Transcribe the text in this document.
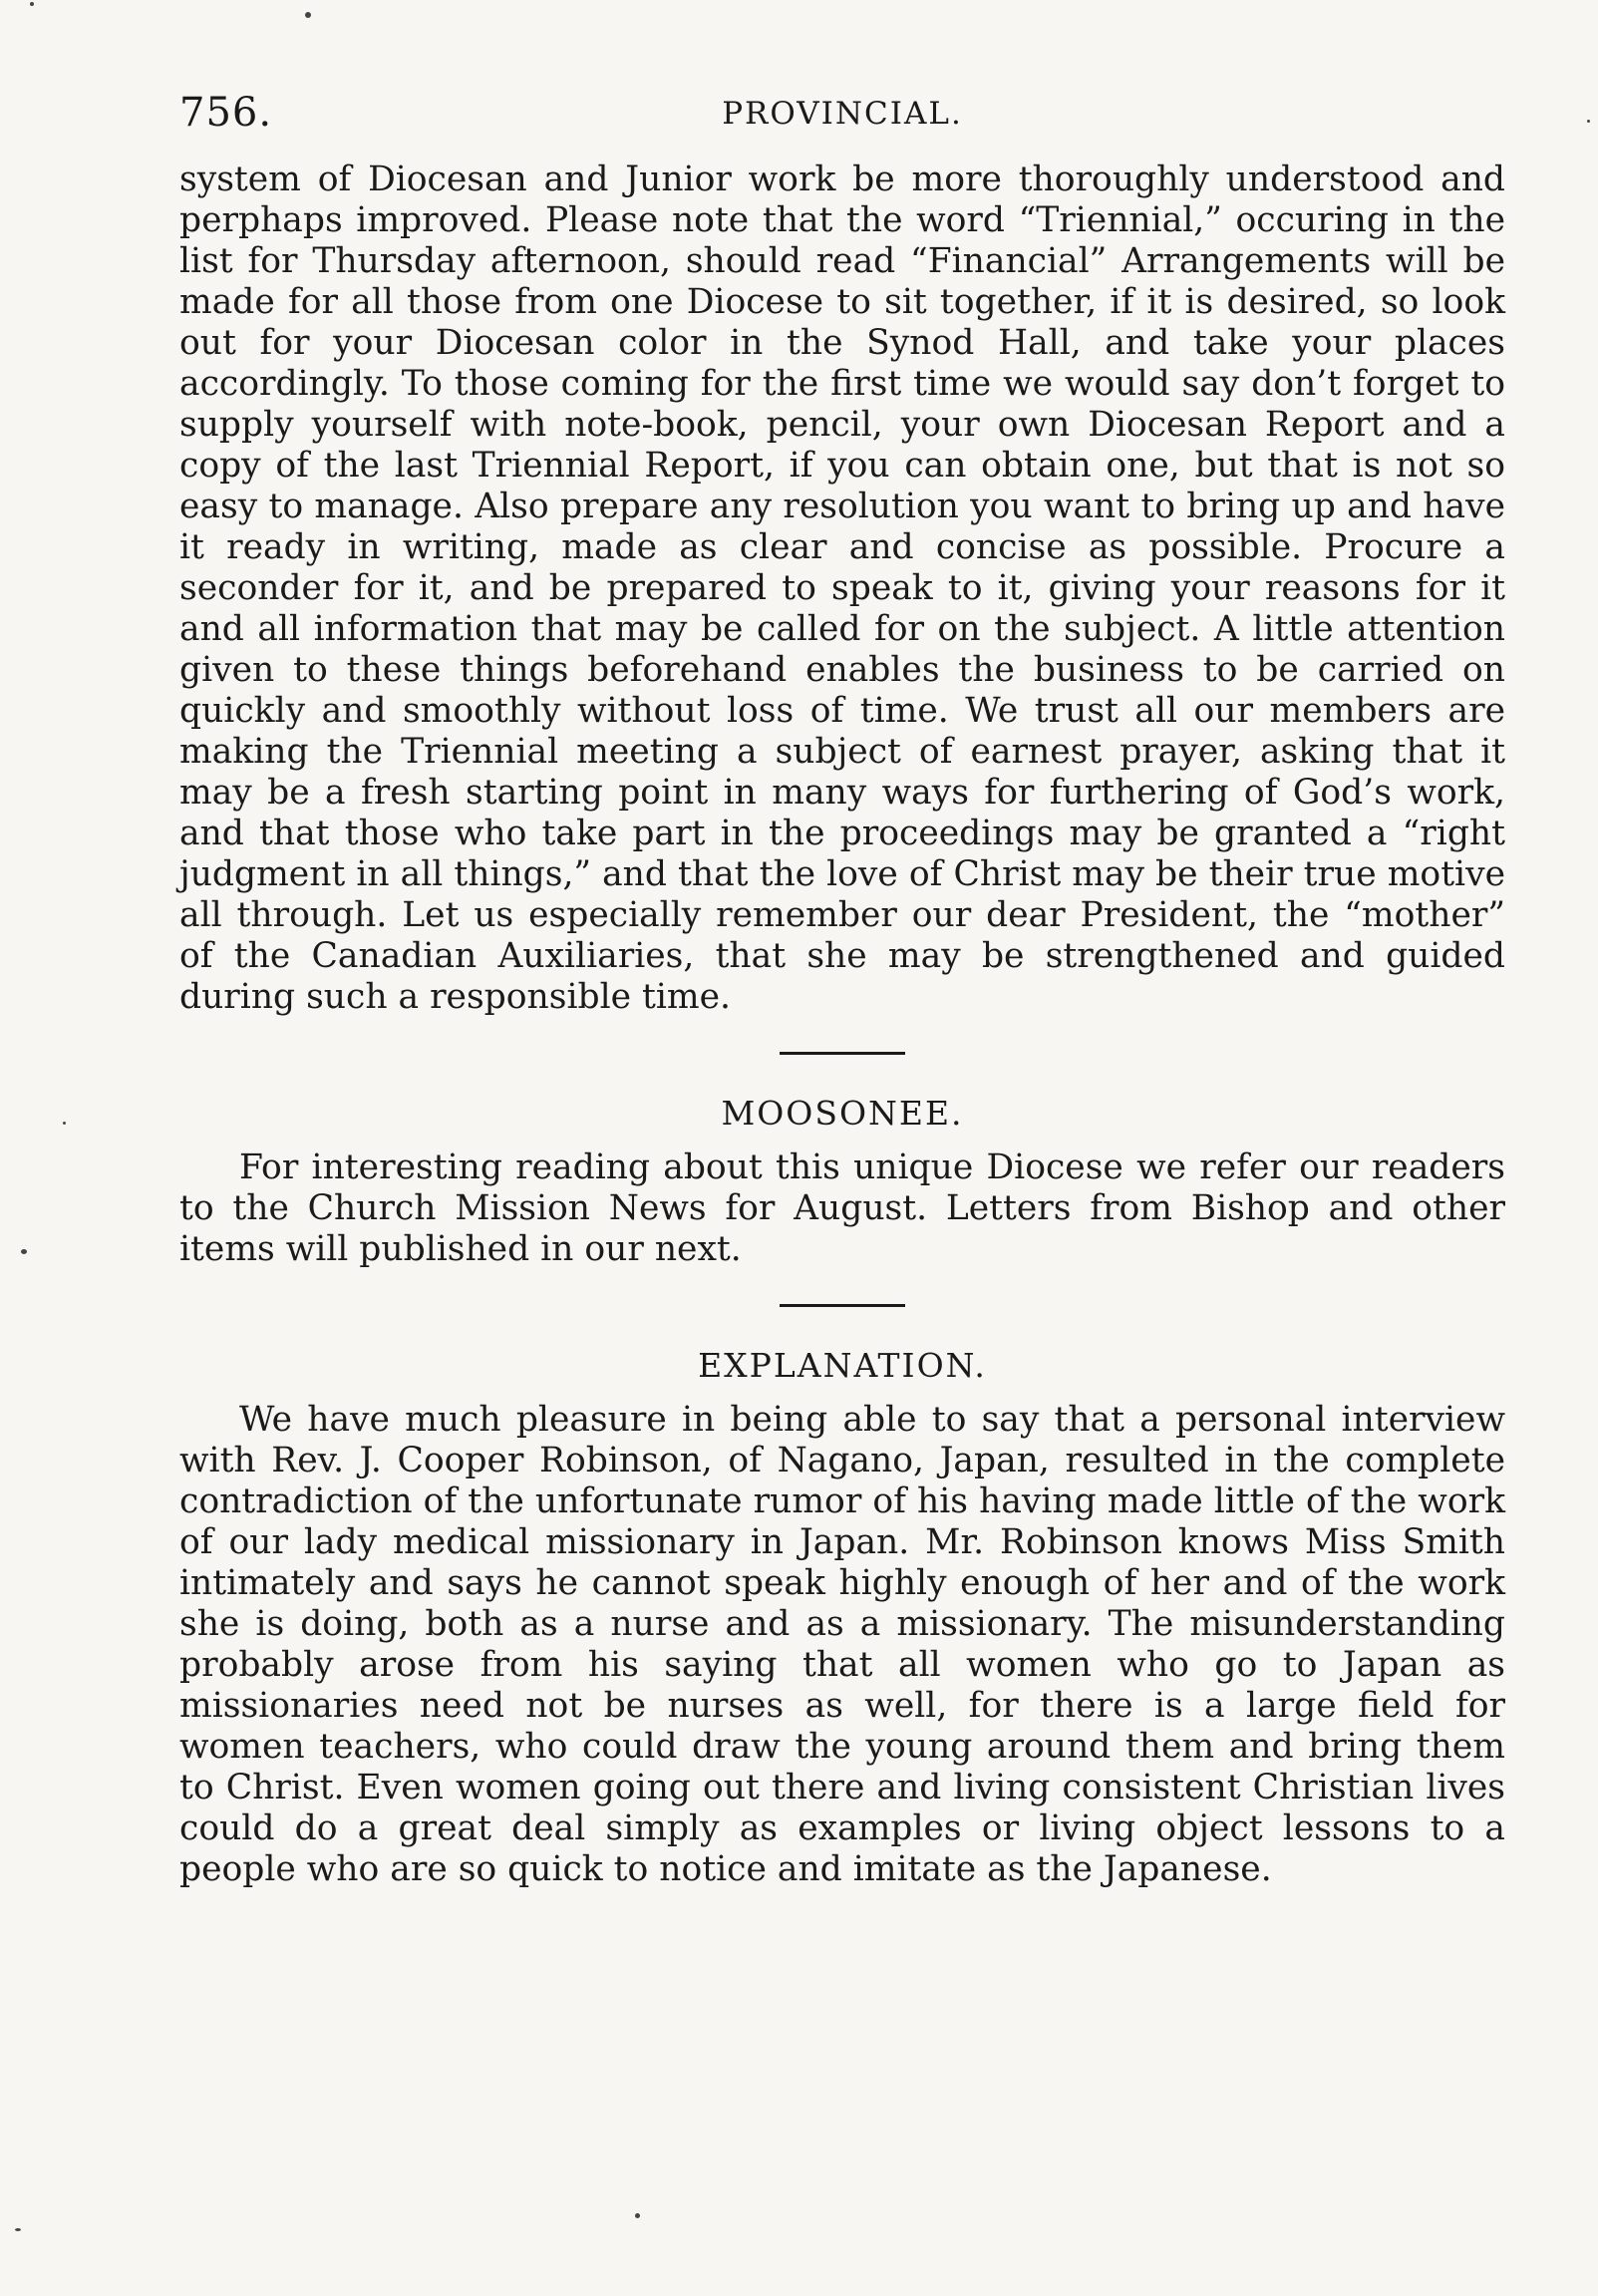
756.	PROVINCIAL.

system of Diocesan and Junior work be more thoroughly understood and perphaps improved. Please note that the word “Triennial,” occuring in the list for Thursday afternoon, should read “Financial” Arrangements will be made for all those from one Diocese to sit together, if it is desired, so look out for your Diocesan color in the Synod Hall, and take your places accordingly. To those coming for the first time we would say don’t forget to supply yourself with note-book, pencil, your own Diocesan Report and a copy of the last Triennial Report, if you can obtain one, but that is not so easy to manage. Also prepare any resolution you want to bring up and have it ready in writing, made as clear and concise as possible. Procure a seconder for it, and be prepared to speak to it, giving your reasons for it and all information that may be called for on the subject. A little attention given to these things beforehand enables the business to be carried on quickly and smoothly without loss of time. We trust all our members are making the Triennial meeting a subject of earnest prayer, asking that it may be a fresh starting point in many ways for furthering of God’s work, and that those who take part in the proceedings may be granted a “right judgment in all things,” and that the love of Christ may be their true motive all through. Let us especially remember our dear President, the “mother” of the Canadian Auxiliaries, that she may be strengthened and guided during such a responsible time.

MOOSONEE.

For interesting reading about this unique Diocese we refer our readers to the Church Mission News for August. Letters from Bishop and other items will published in our next.

EXPLANATION.

We have much pleasure in being able to say that a personal interview with Rev. J. Cooper Robinson, of Nagano, Japan, resulted in the complete contradiction of the unfortunate rumor of his having made little of the work of our lady medical missionary in Japan. Mr. Robinson knows Miss Smith intimately and says he cannot speak highly enough of her and of the work she is doing, both as a nurse and as a missionary. The misunderstanding probably arose from his saying that all women who go to Japan as missionaries need not be nurses as well, for there is a large field for women teachers, who could draw the young around them and bring them to Christ. Even women going out there and living consistent Christian lives could do a great deal simply as examples or living object lessons to a people who are so quick to notice and imitate as the Japanese.
